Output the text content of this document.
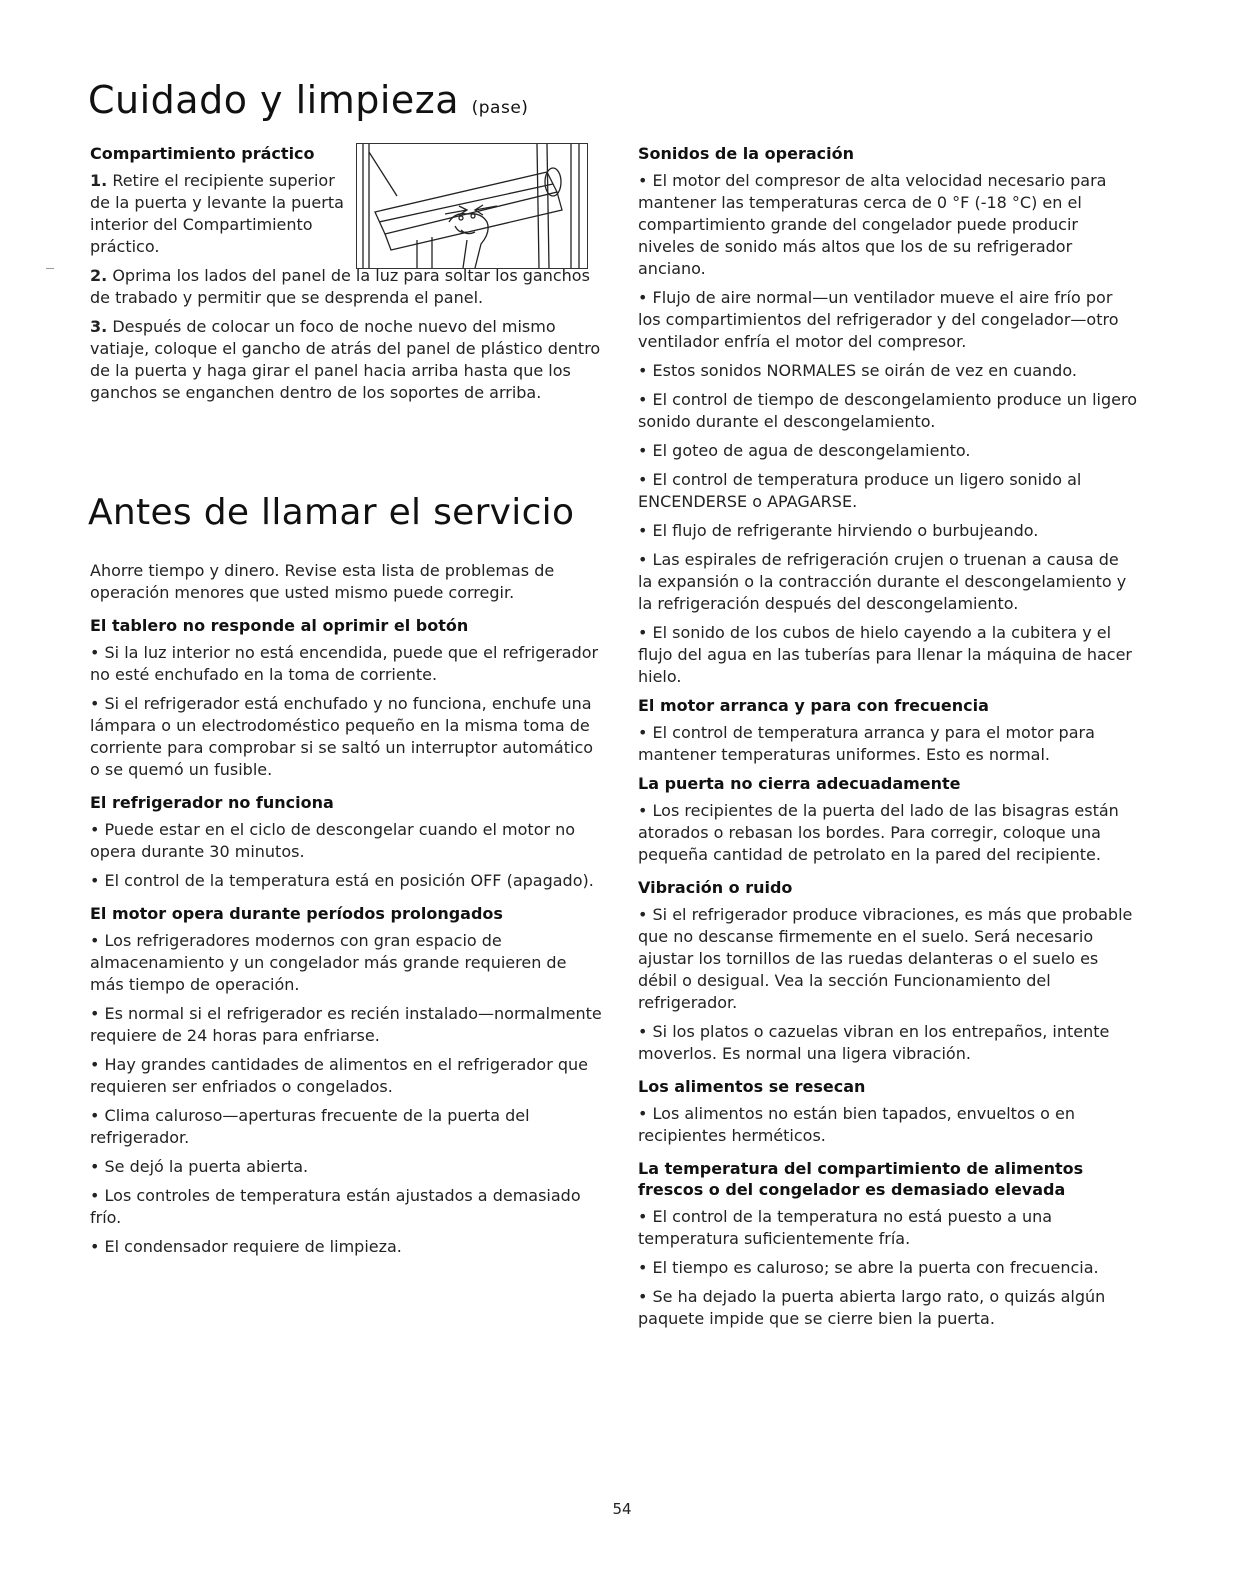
Cuidado y limpieza (pase)

Compartimiento práctico

1. Retire el recipiente superior de la puerta y levante la puerta interior del Compartimiento práctico.

2. Oprima los lados del panel de la luz para soltar los ganchos de trabado y permitir que se desprenda el panel.

3. Después de colocar un foco de noche nuevo del mismo vatiaje, coloque el gancho de atrás del panel de plástico dentro de la puerta y haga girar el panel hacia arriba hasta que los ganchos se enganchen dentro de los soportes de arriba.

Antes de llamar el servicio

Ahorre tiempo y dinero. Revise esta lista de problemas de operación menores que usted mismo puede corregir.

El tablero no responde al oprimir el botón

• Si la luz interior no está encendida, puede que el refrigerador no esté enchufado en la toma de corriente.

• Si el refrigerador está enchufado y no funciona, enchufe una lámpara o un electrodoméstico pequeño en la misma toma de corriente para comprobar si se saltó un interruptor automático o se quemó un fusible.

El refrigerador no funciona

• Puede estar en el ciclo de descongelar cuando el motor no opera durante 30 minutos.

• El control de la temperatura está en posición OFF (apagado).

El motor opera durante períodos prolongados

• Los refrigeradores modernos con gran espacio de almacenamiento y un congelador más grande requieren de más tiempo de operación.

• Es normal si el refrigerador es recién instalado—normalmente requiere de 24 horas para enfriarse.

• Hay grandes cantidades de alimentos en el refrigerador que requieren ser enfriados o congelados.

• Clima caluroso—aperturas frecuente de la puerta del refrigerador.

• Se dejó la puerta abierta.

• Los controles de temperatura están ajustados a demasiado frío.

• El condensador requiere de limpieza.

Sonidos de la operación

• El motor del compresor de alta velocidad necesario para mantener las temperaturas cerca de 0 °F (-18 °C) en el compartimiento grande del congelador puede producir niveles de sonido más altos que los de su refrigerador anciano.

• Flujo de aire normal—un ventilador mueve el aire frío por los compartimientos del refrigerador y del congelador—otro ventilador enfría el motor del compresor.

• Estos sonidos NORMALES se oirán de vez en cuando.

• El control de tiempo de descongelamiento produce un ligero sonido durante el descongelamiento.

• El goteo de agua de descongelamiento.

• El control de temperatura produce un ligero sonido al ENCENDERSE o APAGARSE.

• El flujo de refrigerante hirviendo o burbujeando.

• Las espirales de refrigeración crujen o truenan a causa de la expansión o la contracción durante el descongelamiento y la refrigeración después del descongelamiento.

• El sonido de los cubos de hielo cayendo a la cubitera y el flujo del agua en las tuberías para llenar la máquina de hacer hielo.

El motor arranca y para con frecuencia

• El control de temperatura arranca y para el motor para mantener temperaturas uniformes. Esto es normal.

La puerta no cierra adecuadamente

• Los recipientes de la puerta del lado de las bisagras están atorados o rebasan los bordes. Para corregir, coloque una pequeña cantidad de petrolato en la pared del recipiente.

Vibración o ruido

• Si el refrigerador produce vibraciones, es más que probable que no descanse firmemente en el suelo. Será necesario ajustar los tornillos de las ruedas delanteras o el suelo es débil o desigual. Vea la sección Funcionamiento del refrigerador.

• Si los platos o cazuelas vibran en los entrepaños, intente moverlos. Es normal una ligera vibración.

Los alimentos se resecan

• Los alimentos no están bien tapados, envueltos o en recipientes herméticos.

La temperatura del compartimiento de alimentos frescos o del congelador es demasiado elevada

• El control de la temperatura no está puesto a una temperatura suficientemente fría.

• El tiempo es caluroso; se abre la puerta con frecuencia.

• Se ha dejado la puerta abierta largo rato, o quizás algún paquete impide que se cierre bien la puerta.

54
